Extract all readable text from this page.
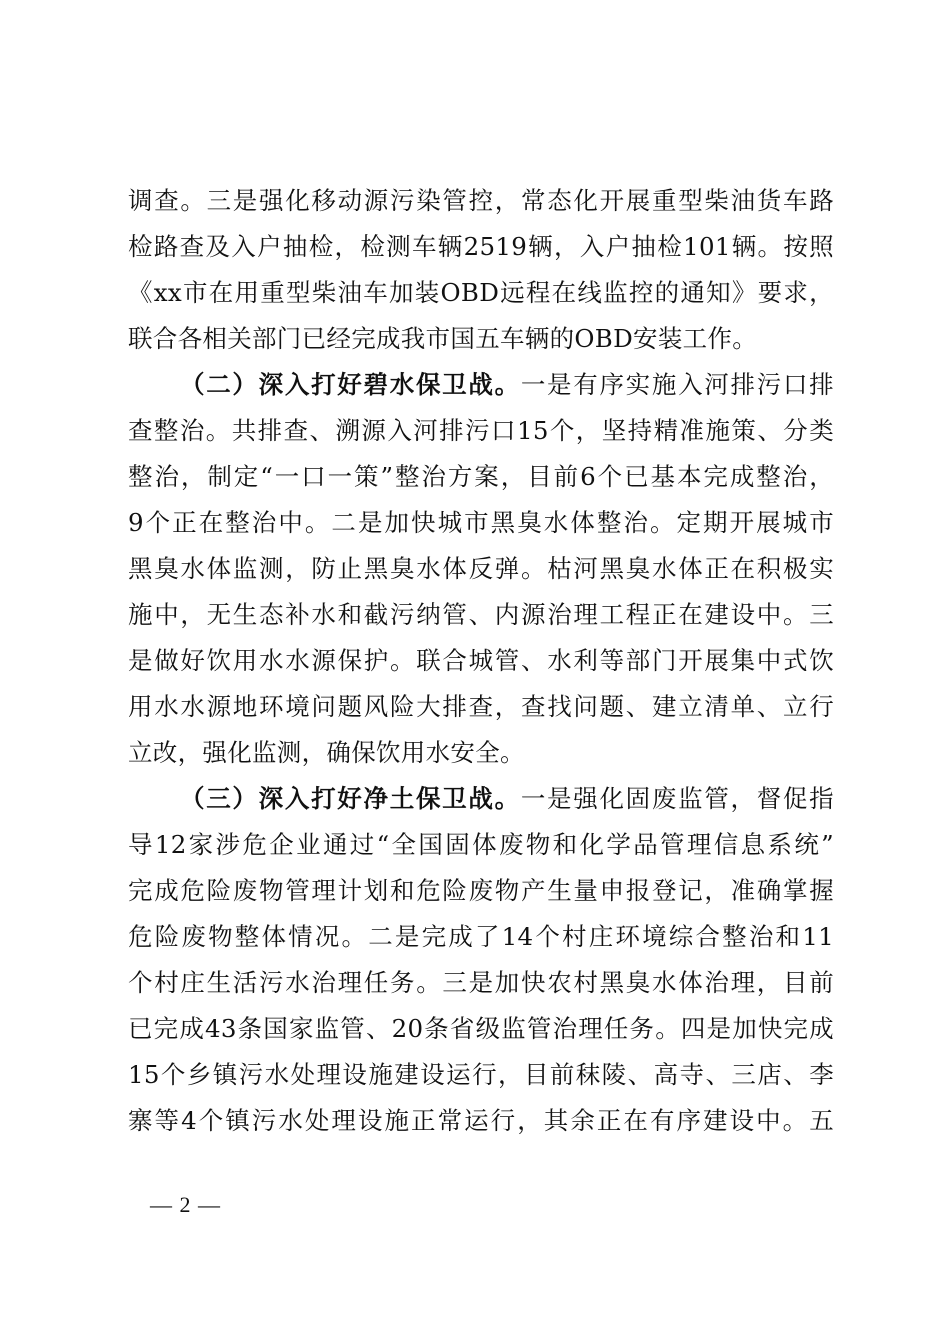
调查。三是强化移动源污染管控，常态化开展重型柴油货车路
检路查及入户抽检，检测车辆2519辆，入户抽检101辆。按照
《xx市在用重型柴油车加装OBD远程在线监控的通知》要求，
联合各相关部门已经完成我市国五车辆的OBD安装工作。
（二）深入打好碧水保卫战。一是有序实施入河排污口排
查整治。共排查、溯源入河排污口15个，坚持精准施策、分类
整治，制定“一口一策”整治方案，目前6个已基本完成整治，
9个正在整治中。二是加快城市黑臭水体整治。定期开展城市
黑臭水体监测，防止黑臭水体反弹。枯河黑臭水体正在积极实
施中，无生态补水和截污纳管、内源治理工程正在建设中。三
是做好饮用水水源保护。联合城管、水利等部门开展集中式饮
用水水源地环境问题风险大排查，查找问题、建立清单、立行
立改，强化监测，确保饮用水安全。
（三）深入打好净土保卫战。一是强化固废监管，督促指
导12家涉危企业通过“全国固体废物和化学品管理信息系统”
完成危险废物管理计划和危险废物产生量申报登记，准确掌握
危险废物整体情况。二是完成了14个村庄环境综合整治和11
个村庄生活污水治理任务。三是加快农村黑臭水体治理，目前
已完成43条国家监管、20条省级监管治理任务。四是加快完成
15个乡镇污水处理设施建设运行，目前秣陵、高寺、三店、李
寨等4个镇污水处理设施正常运行，其余正在有序建设中。五
— 2 —
